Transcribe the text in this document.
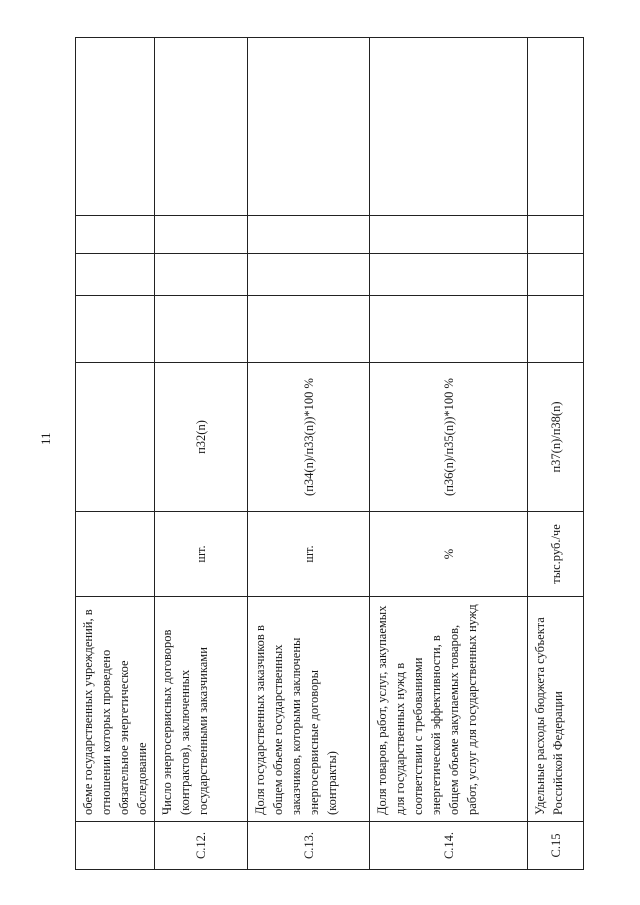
11
	обеме государственных учреждений, в отношении которых проведено обязательное энергетическое обследование						
С.12.	Число энергосервисных договоров (контрактов), заключенных государственными заказчиками	шт.	п32(n)				
С.13.	Доля государственных заказчиков в общем объеме государственных заказчиков, которыми заключены энергосервисные договоры (контракты)	шт.	(п34(n)/п33(n))*100 %				
С.14.	Доля товаров, работ, услуг, закупаемых для государственных нужд в соответствии с требованиями энергетической эффективности, в общем объеме закупаемых товаров, работ, услуг для государственных нужд	%	(п36(n)/п35(n))*100 %				
С.15	Удельные расходы бюджета субъекта Российской Федерации	тыс.руб./че	п37(n)/п38(n)				
